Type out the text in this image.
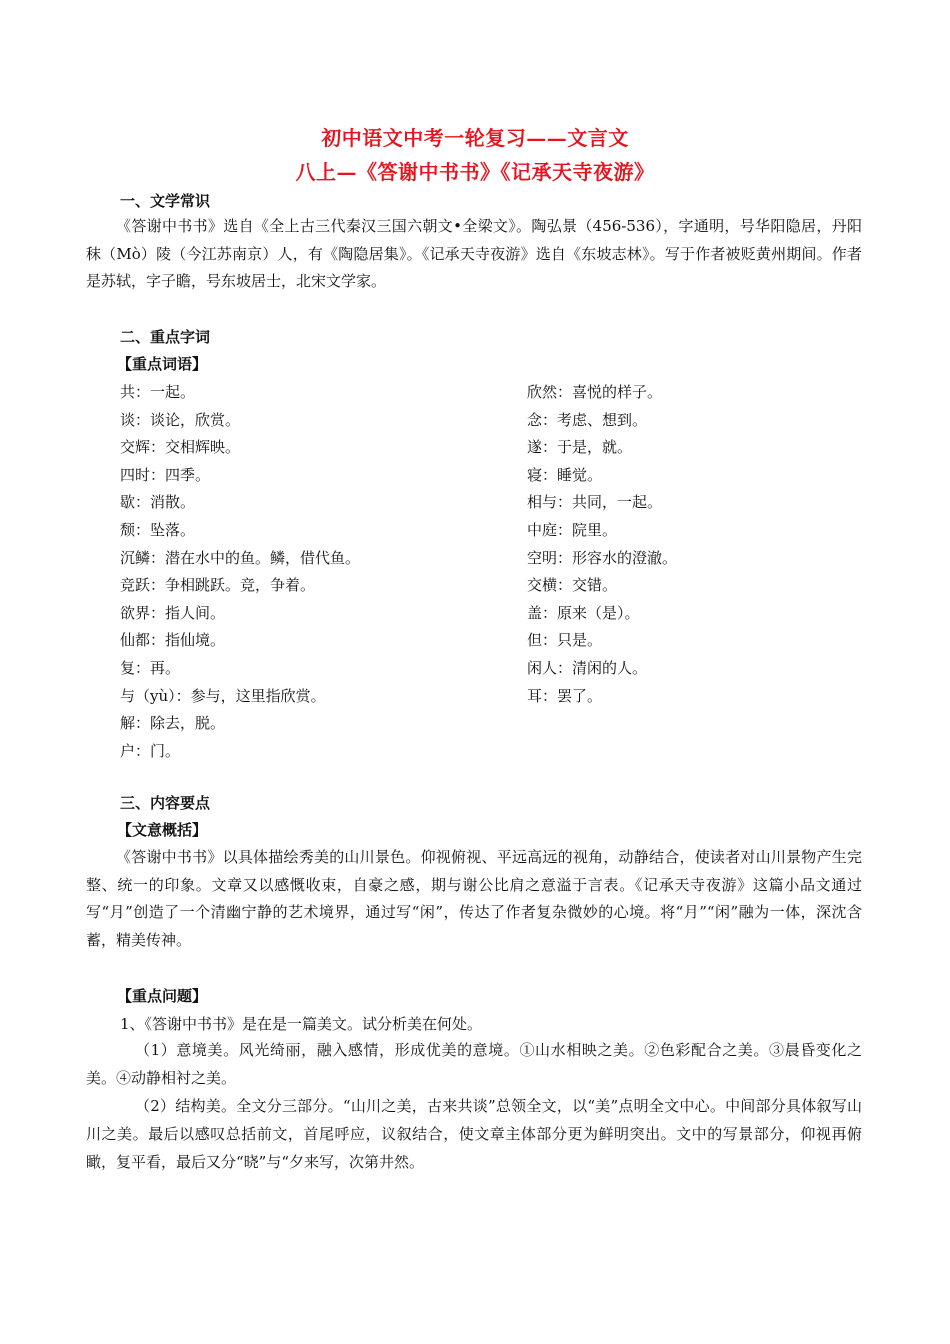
初中语文中考一轮复习——文言文
八上—《答谢中书书》《记承天寺夜游》
一、文学常识

《答谢中书书》选自《全上古三代秦汉三国六朝文•全梁文》。陶弘景（456-536），字通明，号华阳隐居，丹阳秣（Mò）陵（今江苏南京）人，有《陶隐居集》。《记承天寺夜游》选自《东坡志林》。写于作者被贬黄州期间。作者是苏轼，字子瞻，号东坡居士，北宋文学家。

二、重点字词
【重点词语】
共：一起。
谈：谈论，欣赏。
交辉：交相辉映。
四时：四季。
歇：消散。
颓：坠落。
沉鳞：潜在水中的鱼。鳞，借代鱼。
竞跃：争相跳跃。竞，争着。
欲界：指人间。
仙都：指仙境。
复：再。
与（yù）：参与，这里指欣赏。
解：除去，脱。
户：门。
欣然：喜悦的样子。
念：考虑、想到。
遂：于是，就。
寝：睡觉。
相与：共同，一起。
中庭：院里。
空明：形容水的澄澈。
交横：交错。
盖：原来（是）。
但：只是。
闲人：清闲的人。
耳：罢了。
三、内容要点
【文意概括】

《答谢中书书》以具体描绘秀美的山川景色。仰视俯视、平远高远的视角，动静结合，使读者对山川景物产生完整、统一的印象。文章又以感慨收束，自豪之感，期与谢公比肩之意溢于言表。《记承天寺夜游》这篇小品文通过写“月”创造了一个清幽宁静的艺术境界，通过写“闲”，传达了作者复杂微妙的心境。将“月”“闲”融为一体，深沈含蓄，精美传神。

【重点问题】
1、《答谢中书书》是在是一篇美文。试分析美在何处。

（1）意境美。风光绮丽，融入感情，形成优美的意境。①山水相映之美。②色彩配合之美。③晨昏变化之美。④动静相衬之美。

（2）结构美。全文分三部分。“山川之美，古来共谈”总领全文，以“美”点明全文中心。中间部分具体叙写山川之美。最后以感叹总括前文，首尾呼应，议叙结合，使文章主体部分更为鲜明突出。文中的写景部分，仰视再俯瞰，复平看，最后又分“晓”与“夕来写，次第井然。
